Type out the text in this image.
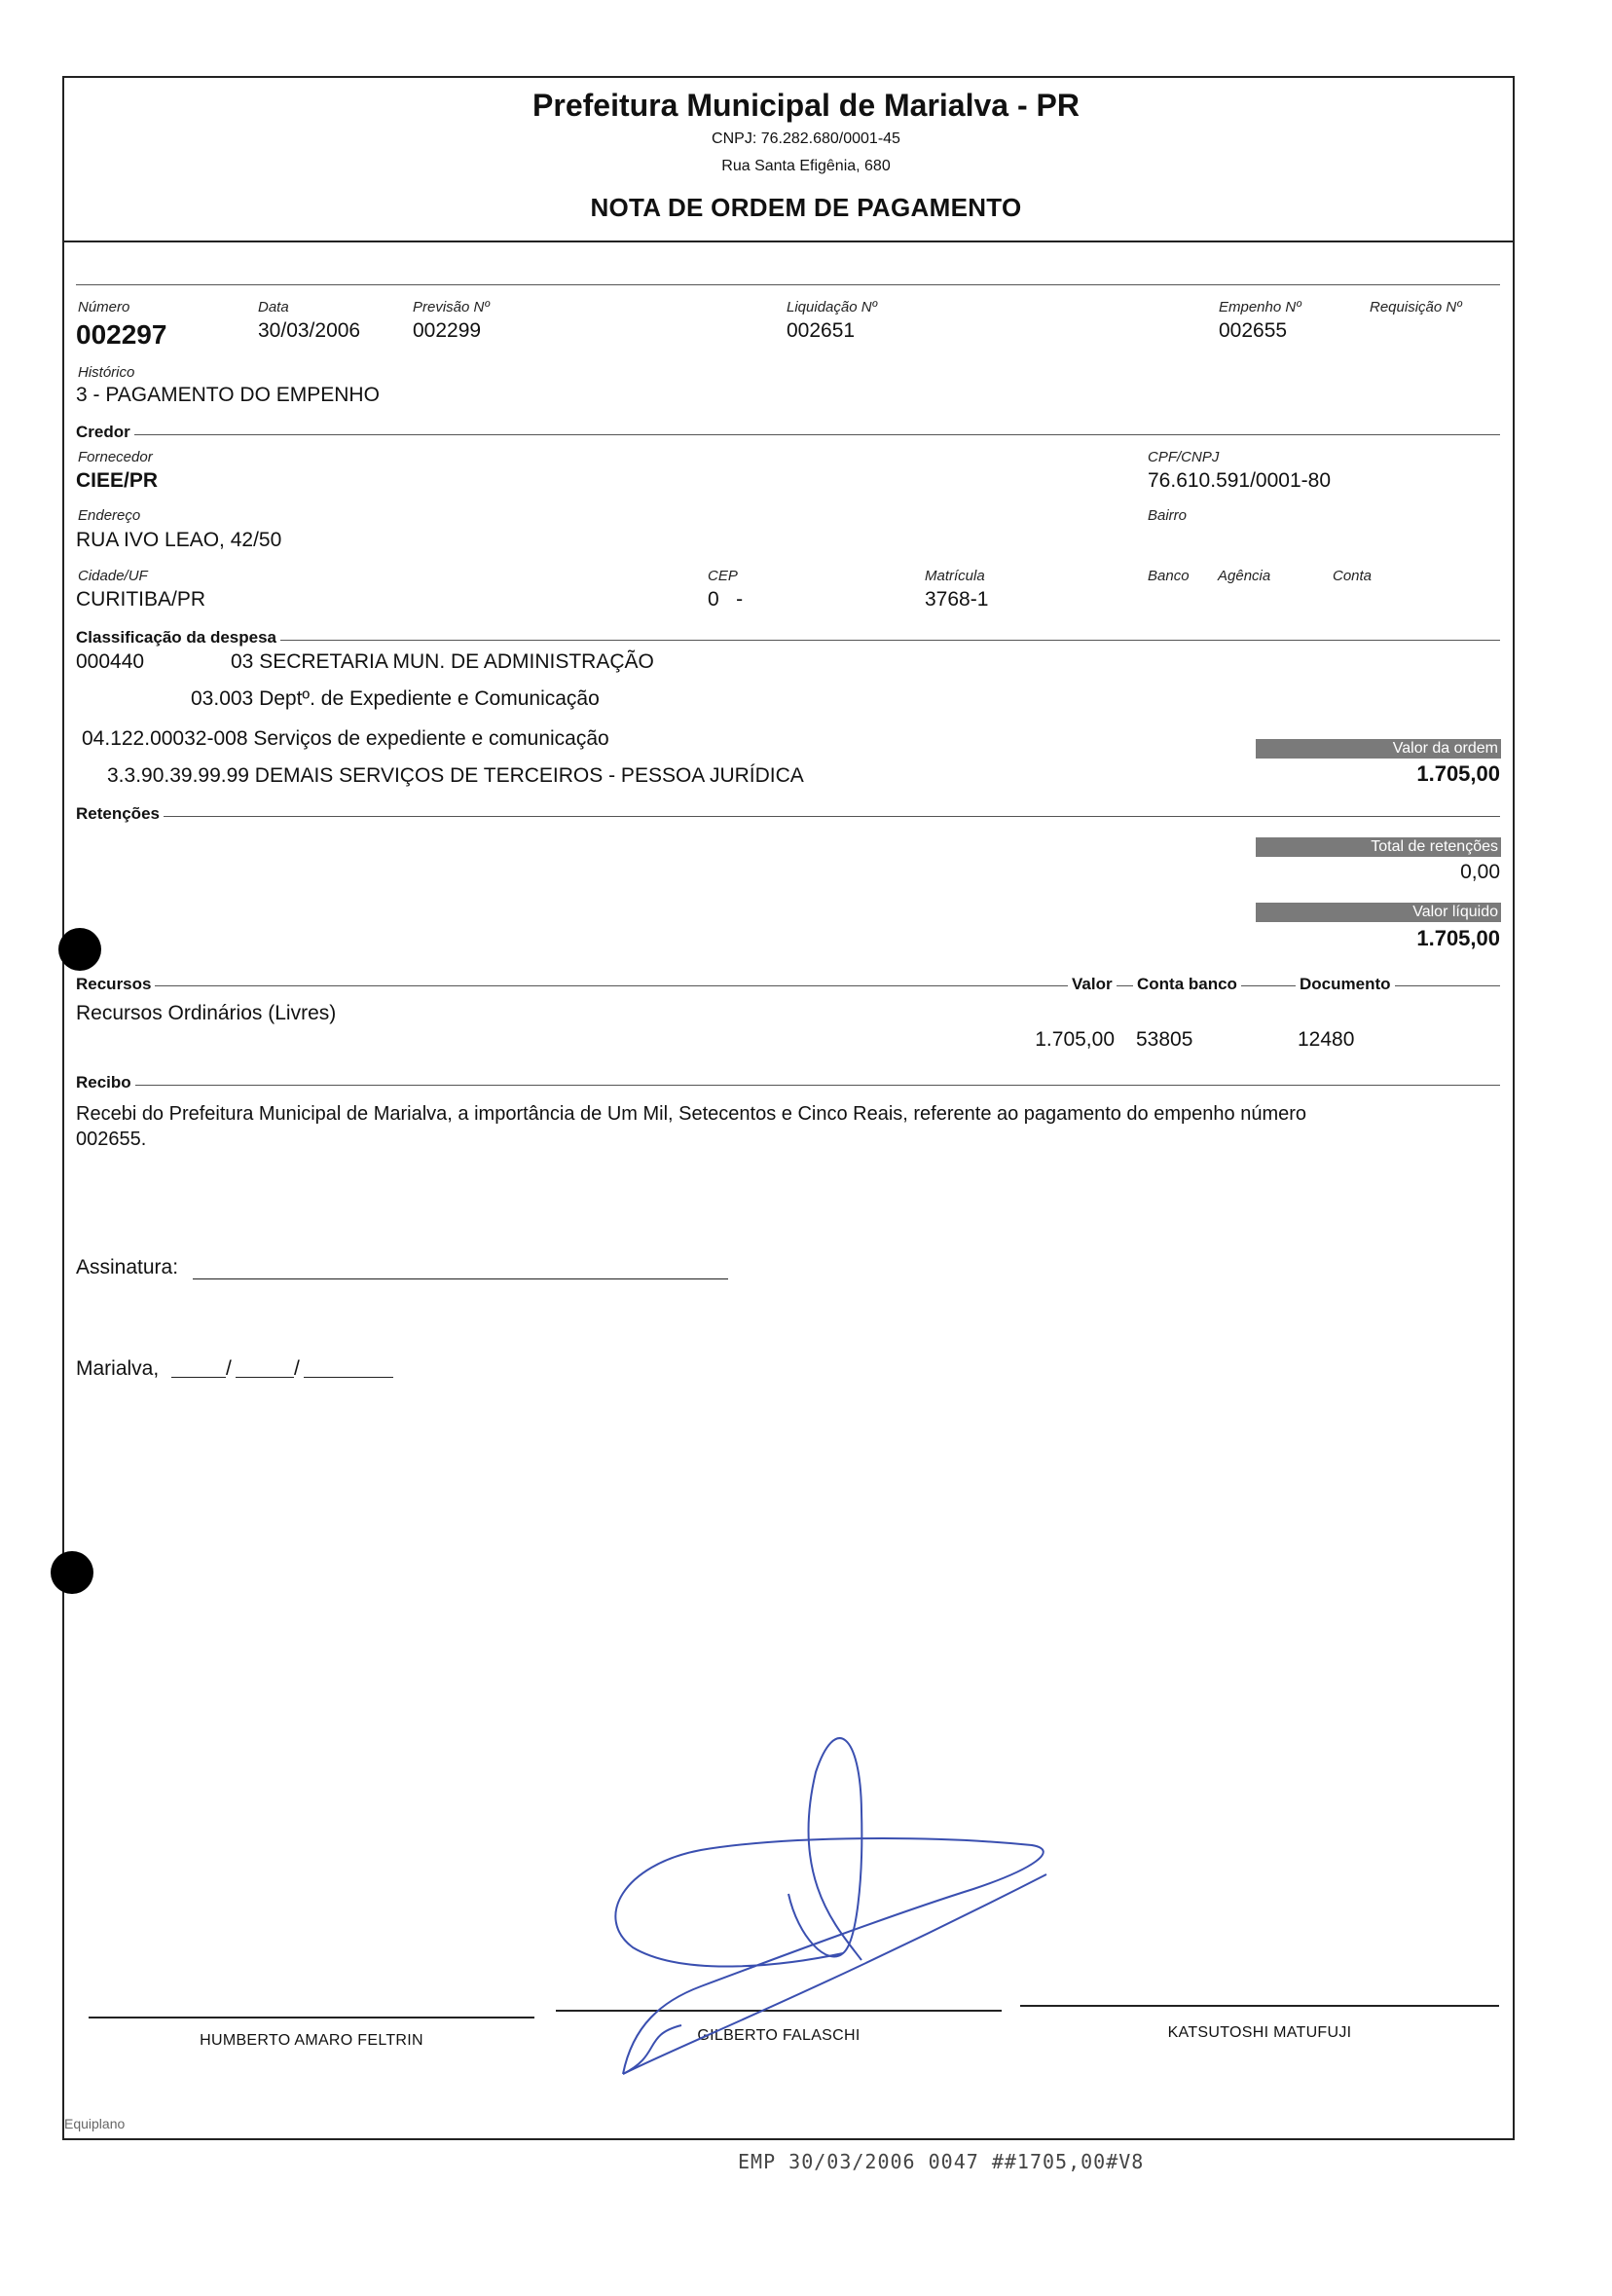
Prefeitura Municipal de Marialva - PR
CNPJ: 76.282.680/0001-45
Rua Santa Efigênia, 680
NOTA DE ORDEM DE PAGAMENTO
Número
002297
Data
30/03/2006
Previsão Nº
002299
Liquidação Nº
002651
Empenho Nº
002655
Requisição Nº
Histórico
3 - PAGAMENTO DO EMPENHO
Credor
Fornecedor
CIEE/PR
CPF/CNPJ
76.610.591/0001-80
Endereço
RUA IVO LEAO, 42/50
Bairro
Cidade/UF
CURITIBA/PR
CEP
0   -
Matrícula
3768-1
Banco Agência	Conta
Classificação da despesa
000440	03 SECRETARIA MUN. DE ADMINISTRAÇÃO
03.003 Deptº. de Expediente e Comunicação
04.122.00032-008 Serviços de expediente e comunicação
3.3.90.39.99.99 DEMAIS SERVIÇOS DE TERCEIROS - PESSOA JURÍDICA
Valor da ordem
1.705,00
Retenções
Total de retenções
0,00
Valor líquido
1.705,00
Recursos	Valor Conta banco	Documento
Recursos Ordinários (Livres)
1.705,00 53805	12480
Recibo
Recebi do Prefeitura Municipal de Marialva, a importância de Um Mil, Setecentos e Cinco Reais, referente ao pagamento do empenho número
002655.
Assinatura:
Marialva,	/	/
HUMBERTO AMARO FELTRIN	GILBERTO FALASCHI	KATSUTOSHI MATUFUJI
Equiplano
EMP 30/03/2006 0047 ##1705,00#V8
